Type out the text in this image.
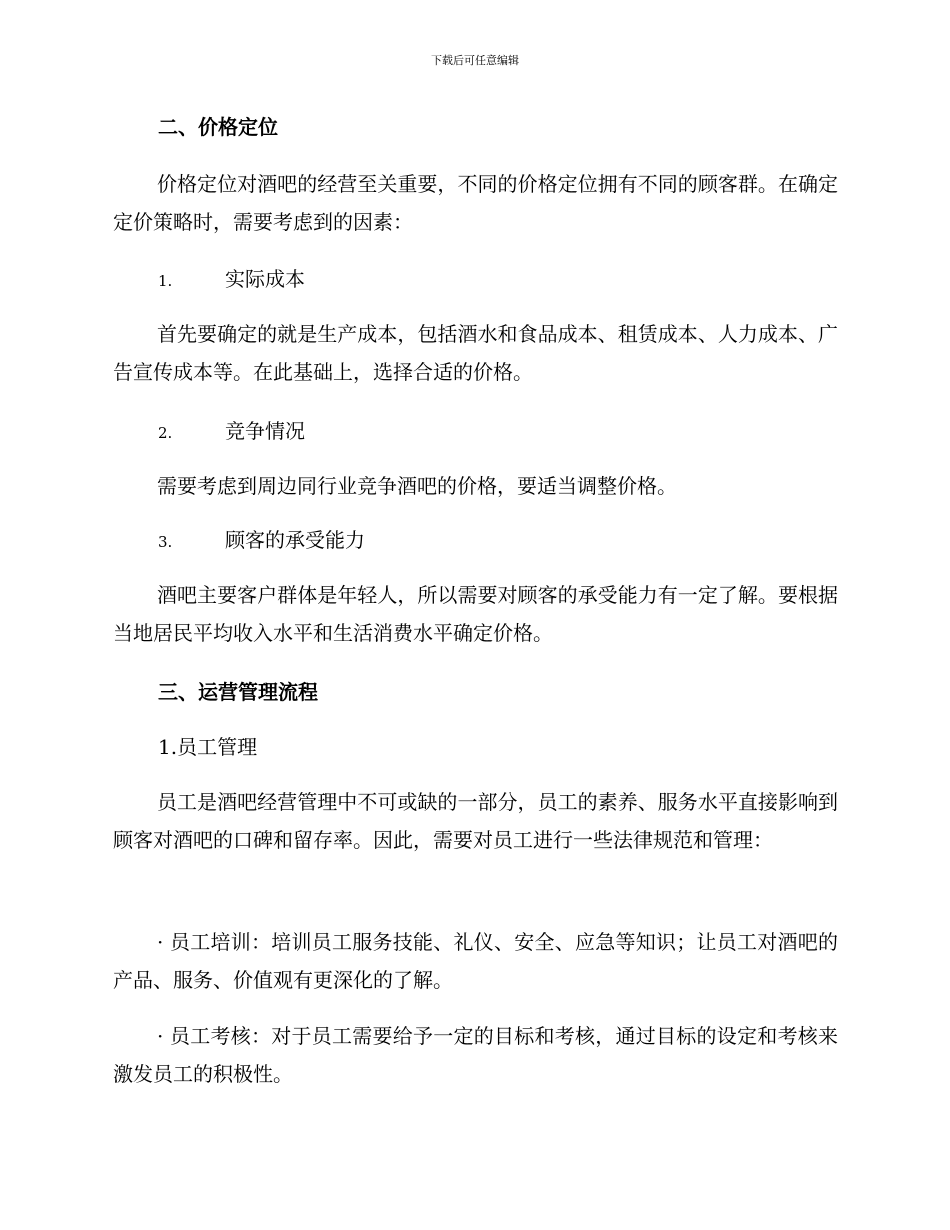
下载后可任意编辑
二、价格定位
价格定位对酒吧的经营至关重要，不同的价格定位拥有不同的顾客群。在确定定价策略时，需要考虑到的因素：
1.	实际成本
首先要确定的就是生产成本，包括酒水和食品成本、租赁成本、人力成本、广告宣传成本等。在此基础上，选择合适的价格。
2.	竞争情况
需要考虑到周边同行业竞争酒吧的价格，要适当调整价格。
3.	顾客的承受能力
酒吧主要客户群体是年轻人，所以需要对顾客的承受能力有一定了解。要根据当地居民平均收入水平和生活消费水平确定价格。
三、运营管理流程
1.员工管理
员工是酒吧经营管理中不可或缺的一部分，员工的素养、服务水平直接影响到顾客对酒吧的口碑和留存率。因此，需要对员工进行一些法律规范和管理：
· 员工培训：培训员工服务技能、礼仪、安全、应急等知识；让员工对酒吧的产品、服务、价值观有更深化的了解。
· 员工考核：对于员工需要给予一定的目标和考核，通过目标的设定和考核来激发员工的积极性。
